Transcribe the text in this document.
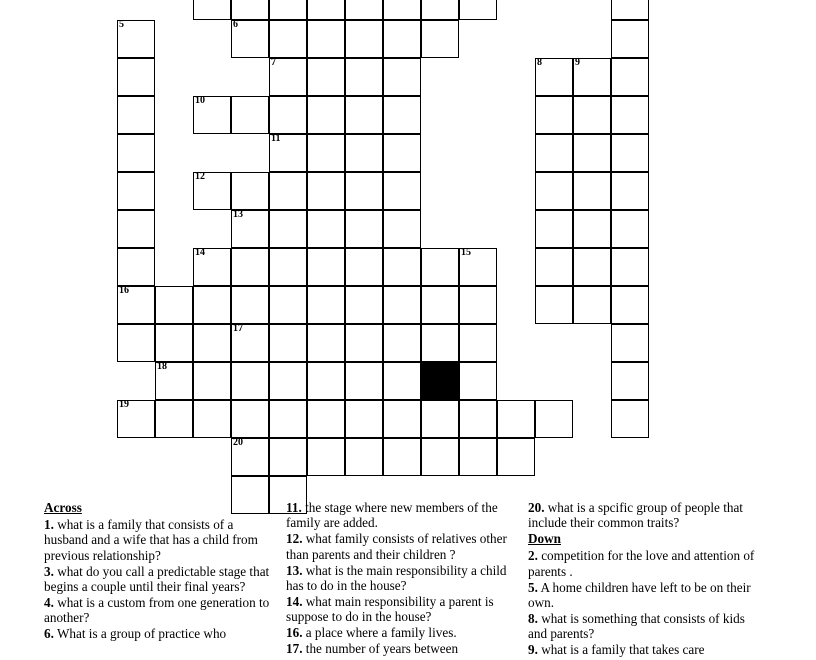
5	6
7	8	9
10
11
12
13
14	15
16
17
18
19
20
Across

1. what is a family that consists of a husband and a wife that has a child from previous relationship?

3. what do you call a predictable stage that begins a couple until their final years?

4. what is a custom from one generation to another?

6. What is a group of practice who

11. the stage where new members of the family are added.

12. what family consists of relatives other than parents and their children ?

13. what is the main responsibility a child has to do in the house?

14. what main responsibility a parent is suppose to do in the house?

16. a place where a family lives.

17. the number of years between

20. what is a spcific group of people that include their common traits?

Down

2. competition for the love and attention of parents .

5. A home children have left to be on their own.

8. what is something that consists of kids and parents?

9. what is a family that takes care
